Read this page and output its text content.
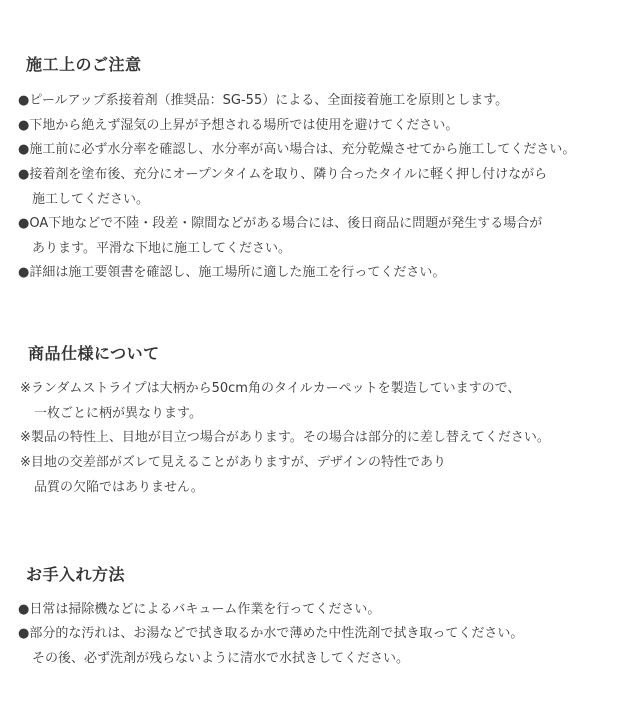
施工上のご注意
●ピールアップ系接着剤（推奨品：SG-55）による、全面接着施工を原則とします。
●下地から絶えず湿気の上昇が予想される場所では使用を避けてください。
●施工前に必ず水分率を確認し、水分率が高い場合は、充分乾燥させてから施工してください。
●接着剤を塗布後、充分にオープンタイムを取り、隣り合ったタイルに軽く押し付けながら
施工してください。
●OA下地などで不陸・段差・隙間などがある場合には、後日商品に問題が発生する場合が
あります。平滑な下地に施工してください。
●詳細は施工要領書を確認し、施工場所に適した施工を行ってください。
商品仕様について
※ランダムストライプは大柄から50cm角のタイルカーペットを製造していますので、
一枚ごとに柄が異なります。
※製品の特性上、目地が目立つ場合があります。その場合は部分的に差し替えてください。
※目地の交差部がズレて見えることがありますが、デザインの特性であり
品質の欠陥ではありません。
お手入れ方法
●日常は掃除機などによるバキューム作業を行ってください。
●部分的な汚れは、お湯などで拭き取るか水で薄めた中性洗剤で拭き取ってください。
その後、必ず洗剤が残らないように清水で水拭きしてください。
